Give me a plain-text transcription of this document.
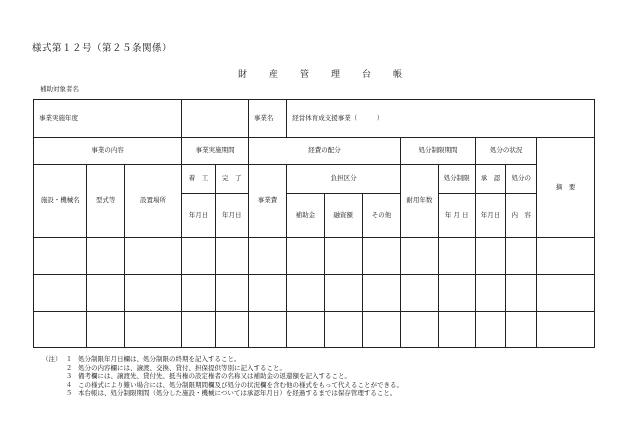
様式第１２号（第２５条関係）
財産管理台帳
補助対象者名
事業実施年度					事業名	経営体育成支援事業（　　　）							
事業の内容			事業実施期間		経費の配分				処分制限期間		処分の状況		摘　要
施設・機械名	型式等	設置場所	着　工	完　了	事業費	負担区分			耐用年数	処分制限	承　認	処分の	
			年月日	年月日		補助金	融資額	その他		年 月 日	年月日	内　容	

（注） １ 処分制限年月日欄は、処分制限の終期を記入すること。
２ 処分の内容欄には、譲渡、交換、貸付、担保提供等別に記入すること。
３ 備考欄には、譲渡先、貸付先、抵当権の設定権者の名称又は補助金の返還額を記入すること。
４ この様式により難い場合には、処分制限期間欄及び処分の状況欄を含む他の様式をもって代えることができる。
５ 本台帳は、処分制限期間（処分した施設・機械については承認年月日）を経過するまでは保存管理すること。
